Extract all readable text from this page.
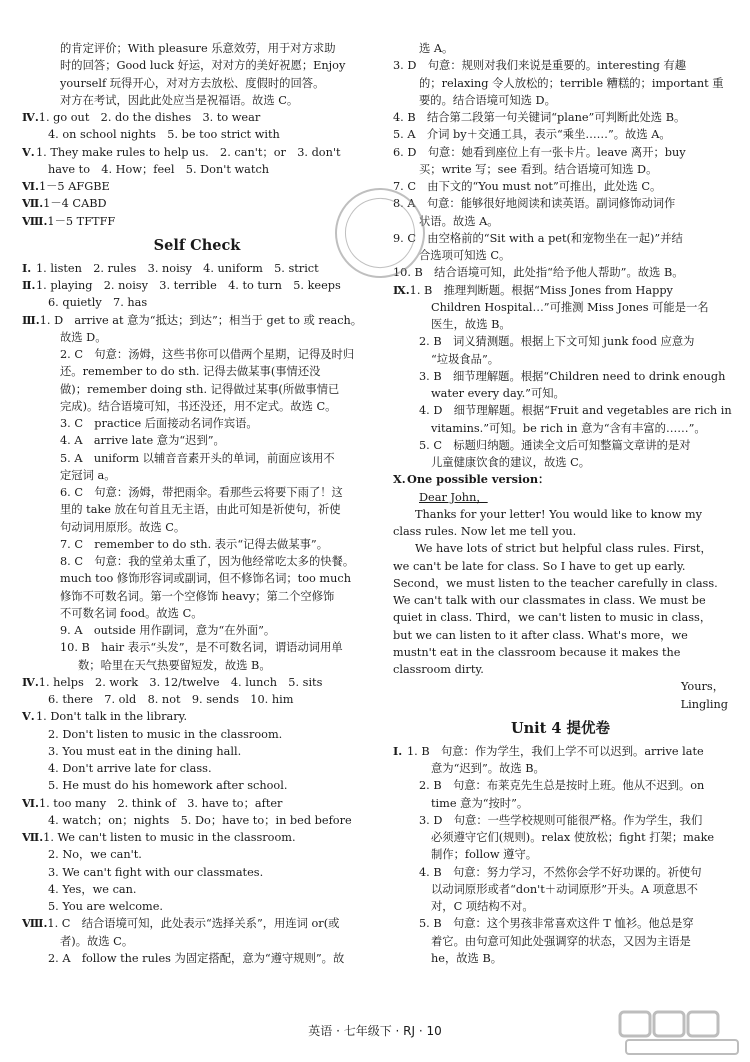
的肯定评价；With pleasure 乐意效劳，用于对方求助
时的回答；Good luck 好运，对对方的美好祝愿；Enjoy
yourself 玩得开心，对对方去放松、度假时的回答。
对方在考试，因此此处应当是祝福语。故选 C。
Ⅳ.1. go out　2. do the dishes　3. to wear
4. on school nights　5. be too strict with
Ⅴ.1. They make rules to help us.　2. can't；or　3. don't
have to　4. How；feel　5. Don't watch
Ⅵ.1－5 AFGBE
Ⅶ.1－4 CABD
Ⅷ.1－5 TFTFF
Self Check
Ⅰ. 1. listen　2. rules　3. noisy　4. uniform　5. strict
Ⅱ.1. playing　2. noisy　3. terrible　4. to turn　5. keeps
6. quietly　7. has
Ⅲ.1. D　arrive at 意为“抵达；到达”；相当于 get to 或 reach。
故选 D。
2. C　句意：汤姆，这些书你可以借两个星期，记得及时归
还。remember to do sth. 记得去做某事(事情还没
做)；remember doing sth. 记得做过某事(所做事情已
完成)。结合语境可知，书还没还，用不定式。故选 C。
3. C　practice 后面接动名词作宾语。
4. A　arrive late 意为“迟到”。
5. A　uniform 以辅音音素开头的单词，前面应该用不
定冠词 a。
6. C　句意：汤姆，带把雨伞。看那些云将要下雨了！这
里的 take 放在句首且无主语，由此可知是祈使句，祈使
句动词用原形。故选 C。
7. C　remember to do sth. 表示“记得去做某事”。
8. C　句意：我的堂弟太重了，因为他经常吃太多的快餐。
much too 修饰形容词或副词，但不修饰名词；too much
修饰不可数名词。第一个空修饰 heavy；第二个空修饰
不可数名词 food。故选 C。
9. A　outside 用作副词，意为“在外面”。
10. B　hair 表示“头发”，是不可数名词，谓语动词用单
数；哈里在天气热要留短发，故选 B。
Ⅳ.1. helps　2. work　3. 12/twelve　4. lunch　5. sits
6. there　7. old　8. not　9. sends　10. him
Ⅴ.1. Don't talk in the library.
2. Don't listen to music in the classroom.
3. You must eat in the dining hall.
4. Don't arrive late for class.
5. He must do his homework after school.
Ⅵ.1. too many　2. think of　3. have to；after
4. watch；on；nights　5. Do；have to；in bed before
Ⅶ.1. We can't listen to music in the classroom.
2. No，we can't.
3. We can't fight with our classmates.
4. Yes，we can.
5. You are welcome.
Ⅷ.1. C　结合语境可知，此处表示“选择关系”，用连词 or(或
者)。故选 C。
2. A　follow the rules 为固定搭配，意为“遵守规则”。故
选 A。
3. D　句意：规则对我们来说是重要的。interesting 有趣
的；relaxing 令人放松的；terrible 糟糕的；important 重
要的。结合语境可知选 D。
4. B　结合第二段第一句关键词“plane”可判断此处选 B。
5. A　介词 by＋交通工具，表示“乘坐……”。故选 A。
6. D　句意：她看到座位上有一张卡片。leave 离开；buy
买；write 写；see 看到。结合语境可知选 D。
7. C　由下文的“You must not”可推出，此处选 C。
8. A　句意：能够很好地阅读和读英语。副词修饰动词作
状语。故选 A。
9. C　由空格前的“Sit with a pet(和宠物坐在一起)”并结
合选项可知选 C。
10. B　结合语境可知，此处指“给予他人帮助”。故选 B。
Ⅸ.1. B　推理判断题。根据“Miss Jones from Happy
Children Hospital…”可推测 Miss Jones 可能是一名
医生，故选 B。
2. B　词义猜测题。根据上下文可知 junk food 应意为
“垃圾食品”。
3. B　细节理解题。根据“Children need to drink enough
water every day.”可知。
4. D　细节理解题。根据“Fruit and vegetables are rich in
vitamins.”可知。be rich in 意为“含有丰富的……”。
5. C　标题归纳题。通读全文后可知整篇文章讲的是对
儿童健康饮食的建议，故选 C。
Ⅹ.One possible version：
Dear John，
Thanks for your letter! You would like to know my
class rules. Now let me tell you.
We have lots of strict but helpful class rules. First，
we can't be late for class. So I have to get up early.
Second，we must listen to the teacher carefully in class.
We can't talk with our classmates in class. We must be
quiet in class. Third，we can't listen to music in class，
but we can listen to it after class. What's more，we
mustn't eat in the classroom because it makes the
classroom dirty.
Yours，
Lingling
Unit 4 提优卷
Ⅰ. 1. B　句意：作为学生，我们上学不可以迟到。arrive late
意为“迟到”。故选 B。
2. B　句意：布莱克先生总是按时上班。他从不迟到。on
time 意为“按时”。
3. D　句意：一些学校规则可能很严格。作为学生，我们
必须遵守它们(规则)。relax 使放松；fight 打架；make
制作；follow 遵守。
4. B　句意：努力学习，不然你会学不好功课的。祈使句
以动词原形或者“don't＋动词原形”开头。A 项意思不
对，C 项结构不对。
5. B　句意：这个男孩非常喜欢这件 T 恤衫。他总是穿
着它。由句意可知此处强调穿的状态，又因为主语是
he，故选 B。
英语 · 七年级下 · RJ · 10
